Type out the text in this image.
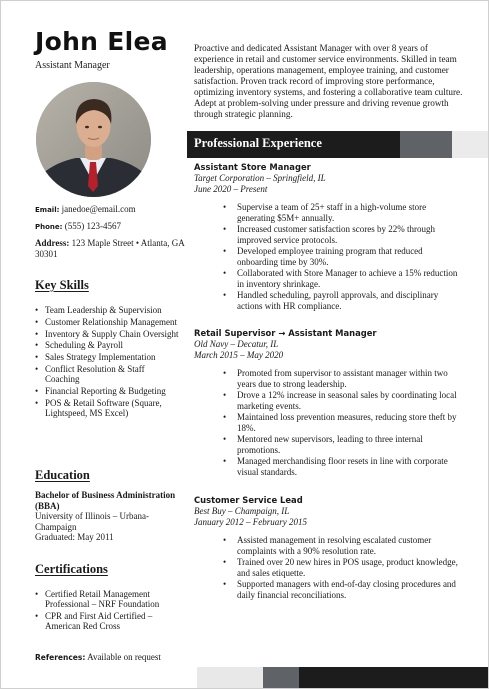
John Elea
Assistant Manager
Email: janedoe@email.com
Phone: (555) 123-4567
Address: 123 Maple Street • Atlanta, GA 30301
Key Skills
• Team Leadership & Supervision
• Customer Relationship Management
• Inventory & Supply Chain Oversight
• Scheduling & Payroll
• Sales Strategy Implementation
• Conflict Resolution & Staff Coaching
• Financial Reporting & Budgeting
• POS & Retail Software (Square, Lightspeed, MS Excel)
Education
Bachelor of Business Administration (BBA)
University of Illinois – Urbana-Champaign
Graduated: May 2011
Certifications
• Certified Retail Management Professional – NRF Foundation
• CPR and First Aid Certified – American Red Cross
References: Available on request
Proactive and dedicated Assistant Manager with over 8 years of experience in retail and customer service environments. Skilled in team leadership, operations management, employee training, and customer satisfaction. Proven track record of improving store performance, optimizing inventory systems, and fostering a collaborative team culture. Adept at problem-solving under pressure and driving revenue growth through strategic planning.
Professional Experience
Assistant Store Manager
Target Corporation – Springfield, IL
June 2020 – Present
• Supervise a team of 25+ staff in a high-volume store generating $5M+ annually.
• Increased customer satisfaction scores by 22% through improved service protocols.
• Developed employee training program that reduced onboarding time by 30%.
• Collaborated with Store Manager to achieve a 15% reduction in inventory shrinkage.
• Handled scheduling, payroll approvals, and disciplinary actions with HR compliance.
Retail Supervisor → Assistant Manager
Old Navy – Decatur, IL
March 2015 – May 2020
• Promoted from supervisor to assistant manager within two years due to strong leadership.
• Drove a 12% increase in seasonal sales by coordinating local marketing events.
• Maintained loss prevention measures, reducing store theft by 18%.
• Mentored new supervisors, leading to three internal promotions.
• Managed merchandising floor resets in line with corporate visual standards.
Customer Service Lead
Best Buy – Champaign, IL
January 2012 – February 2015
• Assisted management in resolving escalated customer complaints with a 90% resolution rate.
• Trained over 20 new hires in POS usage, product knowledge, and sales etiquette.
• Supported managers with end-of-day closing procedures and daily financial reconciliations.
